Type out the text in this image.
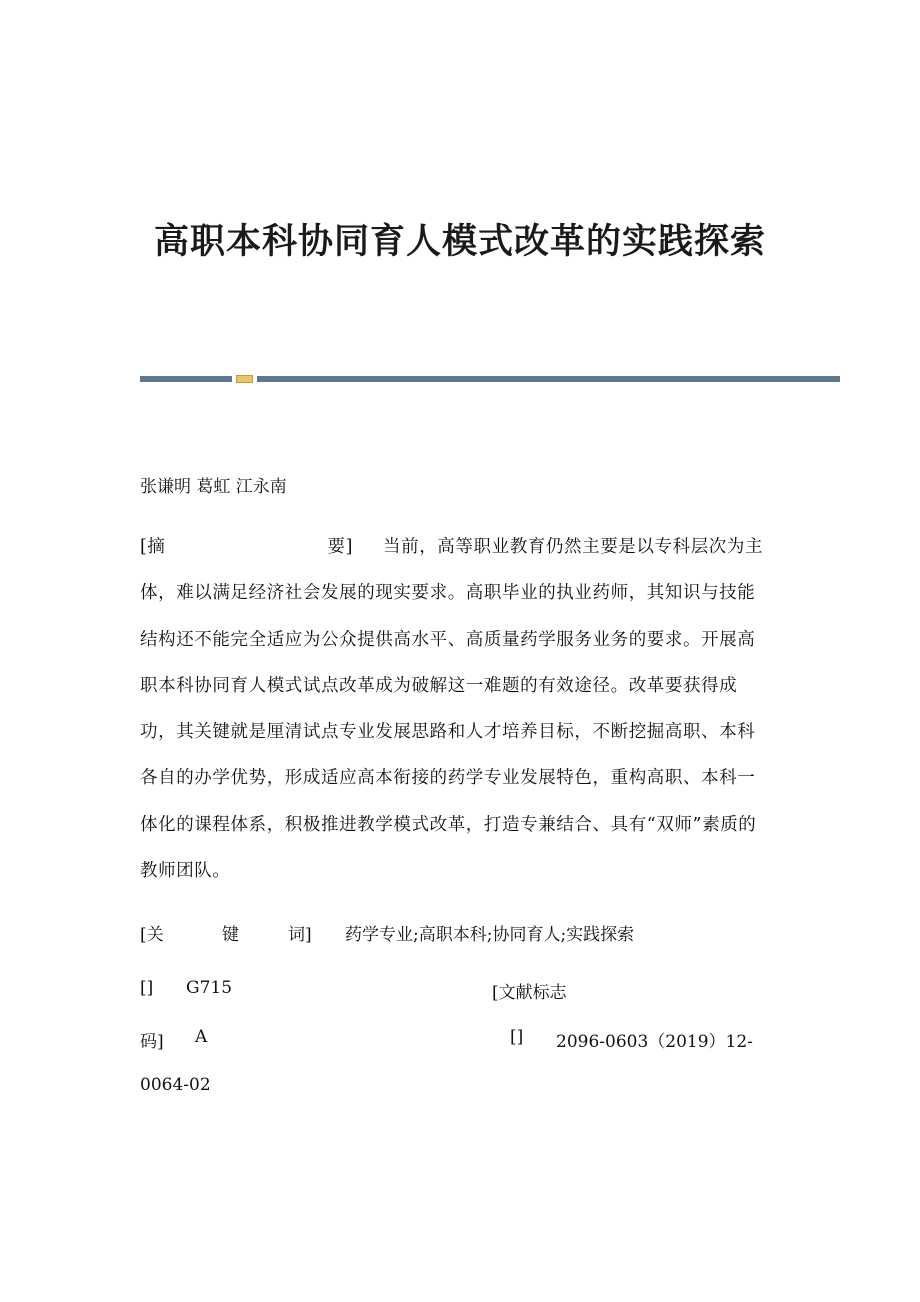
高职本科协同育人模式改革的实践探索
张谦明 葛虹 江永南
[摘	要] 当前，高等职业教育仍然主要是以专科层次为主体，难以满足经济社会发展的现实要求。高职毕业的执业药师，其知识与技能结构还不能完全适应为公众提供高水平、高质量药学服务业务的要求。开展高职本科协同育人模式试点改革成为破解这一难题的有效途径。改革要获得成功，其关键就是厘清试点专业发展思路和人才培养目标，不断挖掘高职、本科各自的办学优势，形成适应高本衔接的药学专业发展特色，重构高职、本科一体化的课程体系，积极推进教学模式改革，打造专兼结合、具有“双师”素质的教师团队。
[关	键	词] 药学专业;高职本科;协同育人;实践探索
[] G715	[文献标志
码] A	[] 2096-0603（2019）12-
0064-02
